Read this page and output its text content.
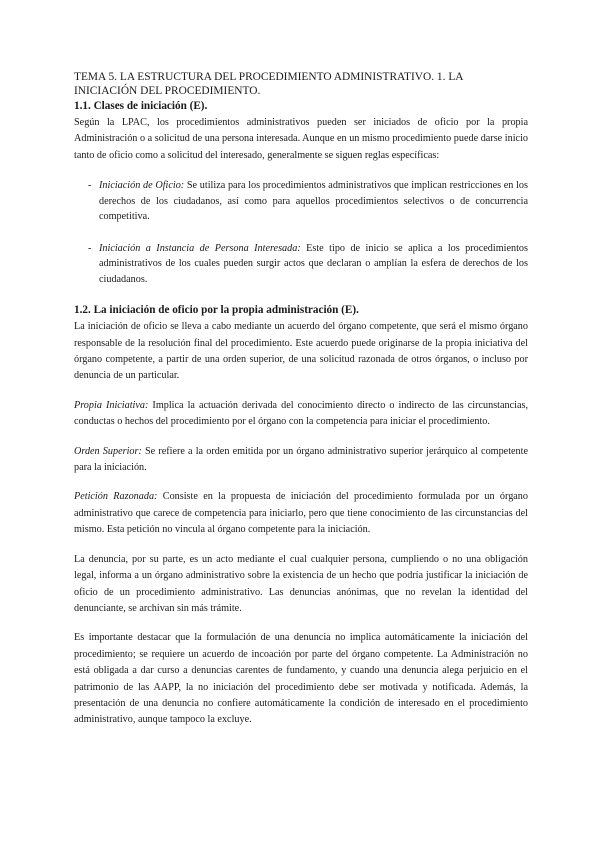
TEMA 5. LA ESTRUCTURA DEL PROCEDIMIENTO ADMINISTRATIVO. 1. LA INICIACIÓN DEL PROCEDIMIENTO.
1.1. Clases de iniciación (E).

Según la LPAC, los procedimientos administrativos pueden ser iniciados de oficio por la propia Administración o a solicitud de una persona interesada. Aunque en un mismo procedimiento puede darse inicio tanto de oficio como a solicitud del interesado, generalmente se siguen reglas específicas:

- Iniciación de Oficio: Se utiliza para los procedimientos administrativos que implican restricciones en los derechos de los ciudadanos, así como para aquellos procedimientos selectivos o de concurrencia competitiva.
- Iniciación a Instancia de Persona Interesada: Este tipo de inicio se aplica a los procedimientos administrativos de los cuales pueden surgir actos que declaran o amplían la esfera de derechos de los ciudadanos.
1.2. La iniciación de oficio por la propia administración (E).

La iniciación de oficio se lleva a cabo mediante un acuerdo del órgano competente, que será el mismo órgano responsable de la resolución final del procedimiento. Este acuerdo puede originarse de la propia iniciativa del órgano competente, a partir de una orden superior, de una solicitud razonada de otros órganos, o incluso por denuncia de un particular.

Propia Iniciativa: Implica la actuación derivada del conocimiento directo o indirecto de las circunstancias, conductas o hechos del procedimiento por el órgano con la competencia para iniciar el procedimiento.

Orden Superior: Se refiere a la orden emitida por un órgano administrativo superior jerárquico al competente para la iniciación.

Petición Razonada: Consiste en la propuesta de iniciación del procedimiento formulada por un órgano administrativo que carece de competencia para iniciarlo, pero que tiene conocimiento de las circunstancias del mismo. Esta petición no vincula al órgano competente para la iniciación.

La denuncia, por su parte, es un acto mediante el cual cualquier persona, cumpliendo o no una obligación legal, informa a un órgano administrativo sobre la existencia de un hecho que podría justificar la iniciación de oficio de un procedimiento administrativo. Las denuncias anónimas, que no revelan la identidad del denunciante, se archivan sin más trámite.

Es importante destacar que la formulación de una denuncia no implica automáticamente la iniciación del procedimiento; se requiere un acuerdo de incoación por parte del órgano competente. La Administración no está obligada a dar curso a denuncias carentes de fundamento, y cuando una denuncia alega perjuicio en el patrimonio de las AAPP, la no iniciación del procedimiento debe ser motivada y notificada. Además, la presentación de una denuncia no confiere automáticamente la condición de interesado en el procedimiento administrativo, aunque tampoco la excluye.
